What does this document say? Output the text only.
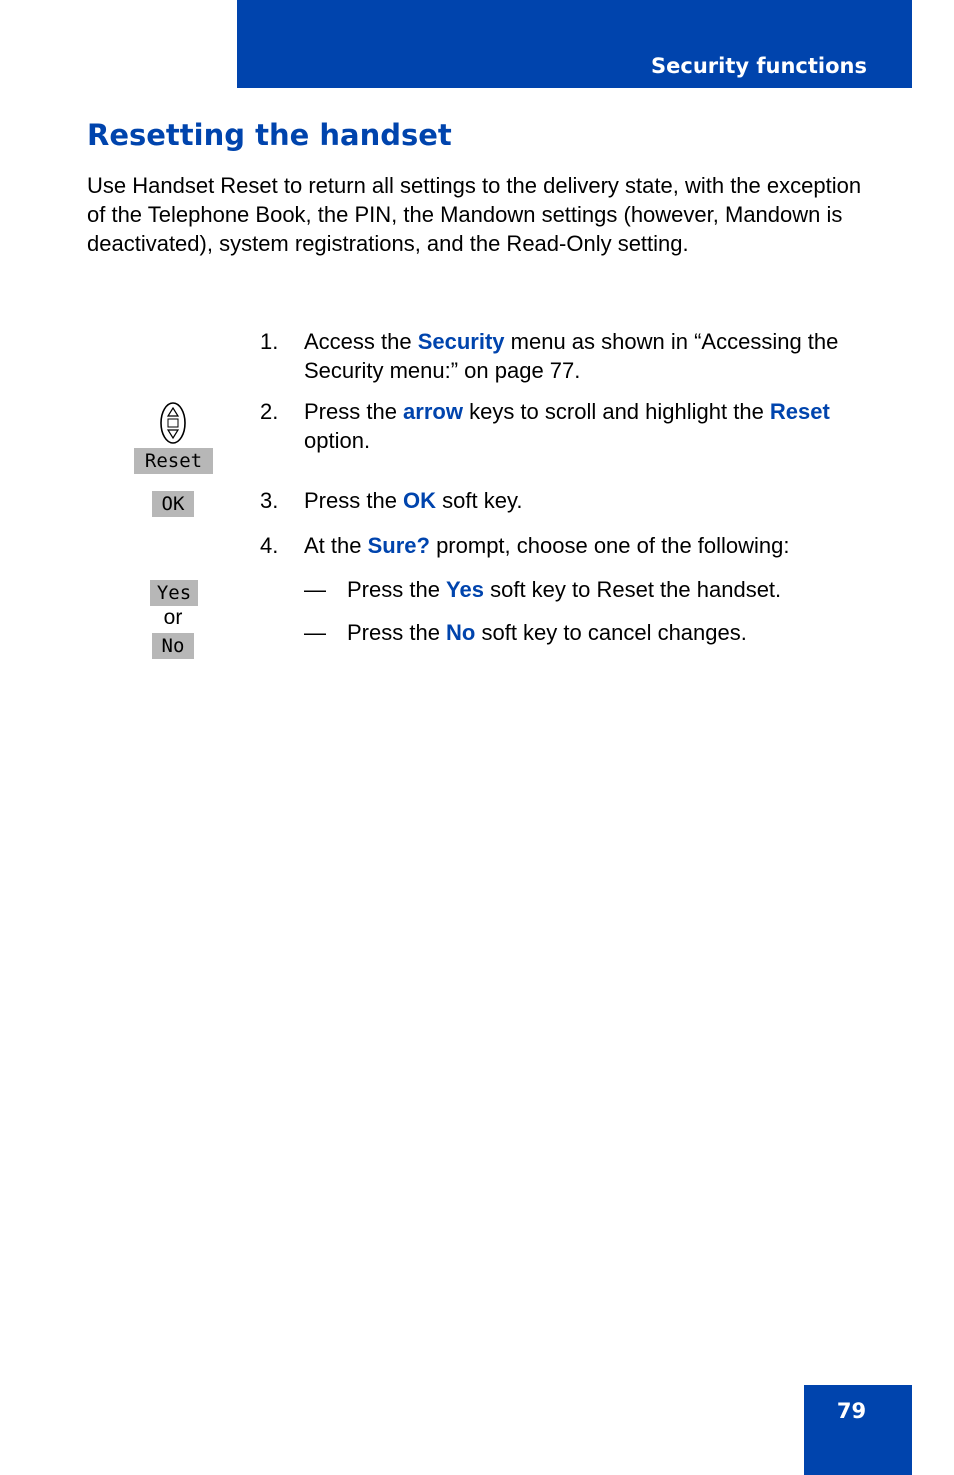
Security functions
Resetting the handset

Use Handset Reset to return all settings to the delivery state, with the exception of the Telephone Book, the PIN, the Mandown settings (however, Mandown is deactivated), system registrations, and the Read-Only setting.

1. Access the Security menu as shown in “Accessing the Security menu:” on page 77.
2. Press the arrow keys to scroll and highlight the Reset option.
3. Press the OK soft key.
4. At the Sure? prompt, choose one of the following:
— Press the Yes soft key to Reset the handset.
— Press the No soft key to cancel changes.
Reset
OK
Yes
or
No
79
